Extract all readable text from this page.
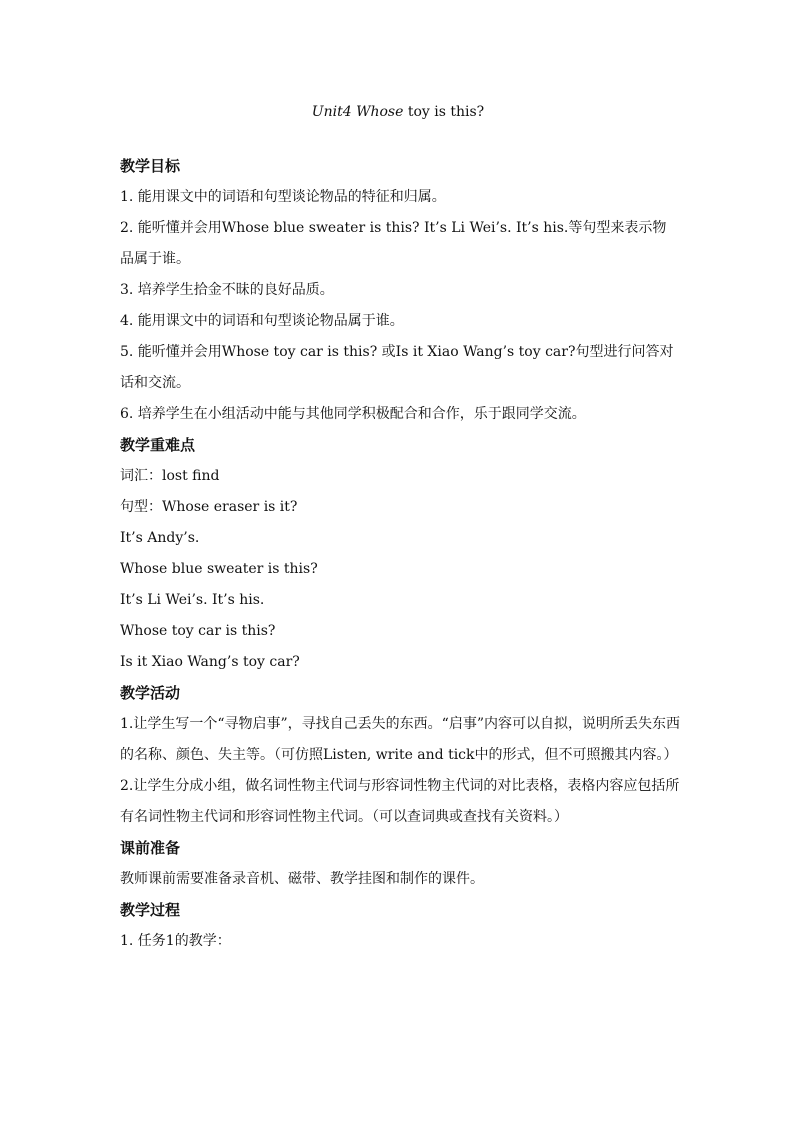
Unit4 Whose toy is this?
教学目标
1. 能用课文中的词语和句型谈论物品的特征和归属。
2. 能听懂并会用Whose blue sweater is this? It’s Li Wei’s. It’s his.等句型来表示物品属于谁。
3. 培养学生拾金不昧的良好品质。
4. 能用课文中的词语和句型谈论物品属于谁。
5. 能听懂并会用Whose toy car is this? 或Is it Xiao Wang’s toy car?句型进行问答对话和交流。
6. 培养学生在小组活动中能与其他同学积极配合和合作，乐于跟同学交流。
教学重难点
词汇：lost find
句型：Whose eraser is it?
It’s Andy’s.
Whose blue sweater is this?
It’s Li Wei’s. It’s his.
Whose toy car is this?
Is it Xiao Wang’s toy car?
教学活动
1.让学生写一个“寻物启事”，寻找自己丢失的东西。“启事”内容可以自拟，说明所丢失东西的名称、颜色、失主等。（可仿照Listen, write and tick中的形式，但不可照搬其内容。）
2.让学生分成小组，做名词性物主代词与形容词性物主代词的对比表格，表格内容应包括所有名词性物主代词和形容词性物主代词。（可以查词典或查找有关资料。）
课前准备
教师课前需要准备录音机、磁带、教学挂图和制作的课件。
教学过程
1. 任务1的教学：
